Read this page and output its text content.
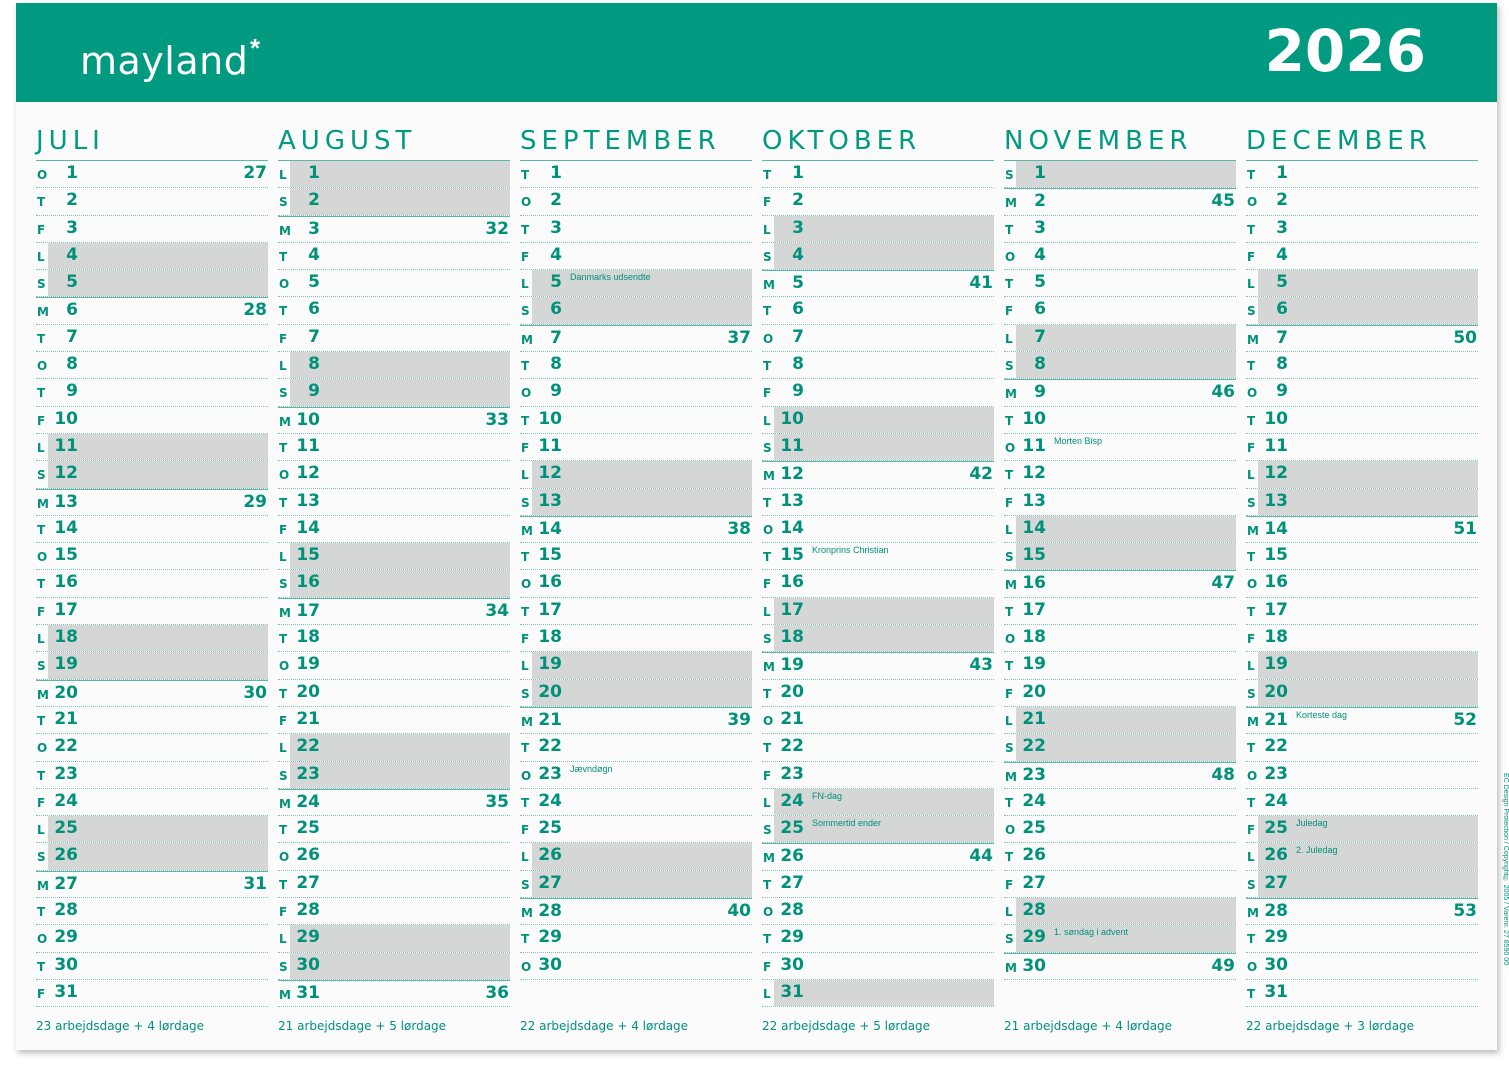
mayland *	2026
JULI
O 1	27
T 2
F 3
L 4
S 5
M 6	28
T 7
O 8
T 9
F 10
L 11
S 12
M 13	29
T 14
O 15
T 16
F 17
L 18
S 19
M 20	30
T 21
O 22
T 23
F 24
L 25
S 26
M 27	31
T 28
O 29
T 30
F 31
23 arbejdsdage + 4 lørdage
AUGUST
L 1
S 2
M 3	32
T 4
O 5
T 6
F 7
L 8
S 9
M 10	33
T 11
O 12
T 13
F 14
L 15
S 16
M 17	34
T 18
O 19
T 20
F 21
L 22
S 23
M 24	35
T 25
O 26
T 27
F 28
L 29
S 30
M 31	36
21 arbejdsdage + 5 lørdage
SEPTEMBER
T 1
O 2
T 3
F 4
L 5 Danmarks udsendte
S 6
M 7	37
T 8
O 9
T 10
F 11
L 12
S 13
M 14	38
T 15
O 16
T 17
F 18
L 19
S 20
M 21	39
T 22
O 23 Jævndøgn
T 24
F 25
L 26
S 27
M 28	40
T 29
O 30
22 arbejdsdage + 4 lørdage
OKTOBER
T 1
F 2
L 3
S 4
M 5	41
T 6
O 7
T 8
F 9
L 10
S 11
M 12	42
T 13
O 14
T 15 Kronprins Christian
F 16
L 17
S 18
M 19	43
T 20
O 21
T 22
F 23
L 24 FN-dag
S 25 Sommertid ender
M 26	44
T 27
O 28
T 29
F 30
L 31
22 arbejdsdage + 5 lørdage
NOVEMBER
S 1
M 2	45
T 3
O 4
T 5
F 6
L 7
S 8
M 9	46
T 10
O 11 Morten Bisp
T 12
F 13
L 14
S 15
M 16	47
T 17
O 18
T 19
F 20
L 21
S 22
M 23	48
T 24
O 25
T 26
F 27
L 28
S 29 1. søndag i advent
M 30	49
21 arbejdsdage + 4 lørdage
DECEMBER
T 1
O 2
T 3
F 4
L 5
S 6
M 7	50
T 8
O 9
T 10
F 11
L 12
S 13
M 14	51
T 15
O 16
T 17
F 18
L 19
S 20
M 21 Korteste dag	52
T 22
O 23
T 24
F 25 Juledag
L 26 2. Juledag
S 27
M 28	53
T 29
O 30
T 31
22 arbejdsdage + 3 lørdage
EC Design Protection / Copyright® 2005 / Varenr. 27 8590 00
